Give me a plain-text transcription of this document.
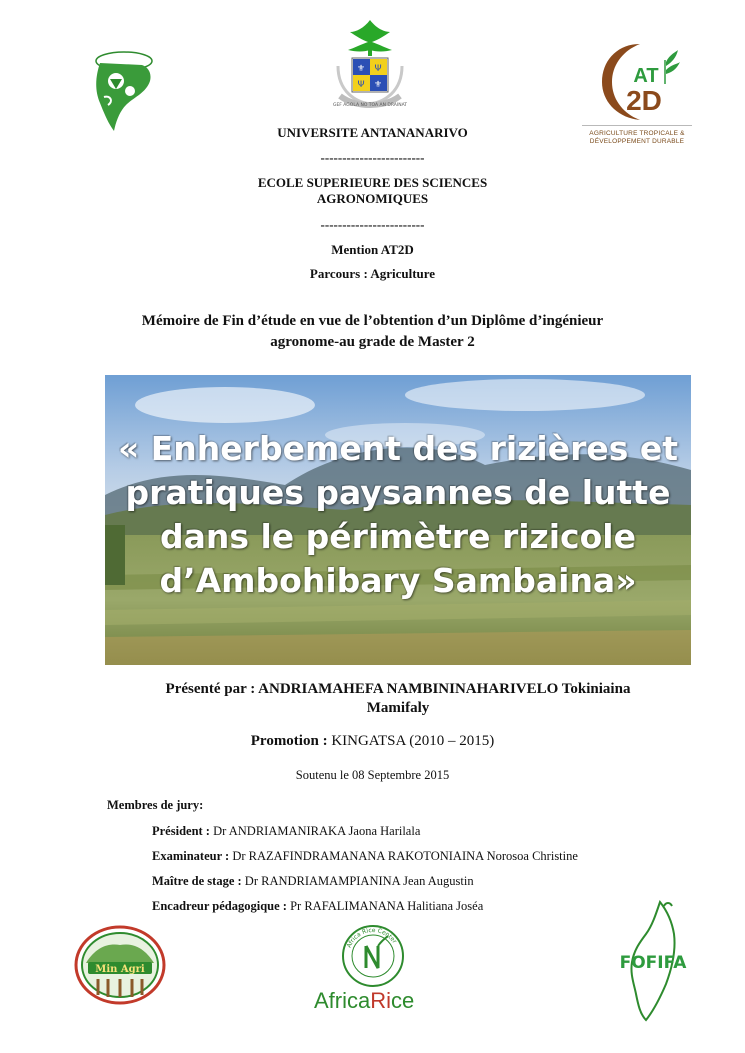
⚜
⚜
Ψ
Ψ
GEF AGOLA NO TOA AN DRAINAT
AT
2D
AGRICULTURE TROPICALE &
DÉVELOPPEMENT DURABLE
UNIVERSITE ANTANANARIVO
------------------------
ECOLE SUPERIEURE DES SCIENCES
AGRONOMIQUES
------------------------
Mention AT2D
Parcours : Agriculture
Mémoire de Fin d’étude en vue de l’obtention d’un Diplôme d’ingénieur
agronome-au grade de Master 2
« Enherbement des rizières et
pratiques paysannes de lutte
dans le périmètre rizicole
d’Ambohibary Sambaina»
Présenté par : ANDRIAMAHEFA NAMBININAHARIVELO Tokiniaina
Mamifaly
Promotion : KINGATSA (2010 – 2015)
Soutenu le 08 Septembre 2015
Membres de jury:
Président : Dr ANDRIAMANIRAKA Jaona Harilala
Examinateur : Dr RAZAFINDRAMANANA RAKOTONIAINA Norosoa Christine
Maître de stage : Dr RANDRIAMAMPIANINA Jean Augustin
Encadreur pédagogique : Pr RAFALIMANANA Halitiana Joséa
Min Agri
Africa Rice Center
AfricaRice
FOFIFA
